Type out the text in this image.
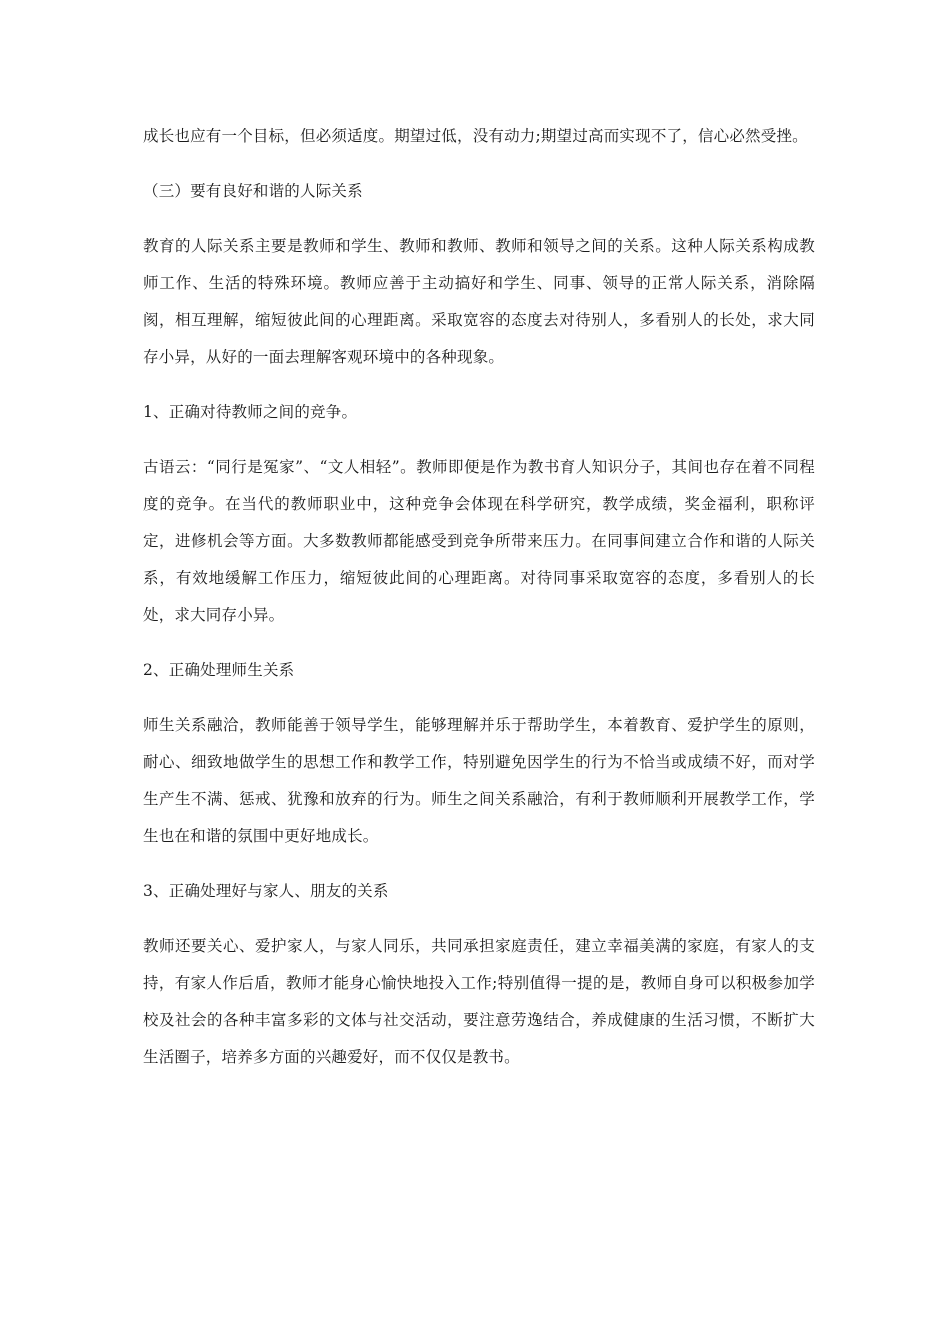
成长也应有一个目标，但必须适度。期望过低，没有动力;期望过高而实现不了，信心必然受挫。

（三）要有良好和谐的人际关系

教育的人际关系主要是教师和学生、教师和教师、教师和领导之间的关系。这种人际关系构成教师工作、生活的特殊环境。教师应善于主动搞好和学生、同事、领导的正常人际关系，消除隔阂，相互理解，缩短彼此间的心理距离。采取宽容的态度去对待别人，多看别人的长处，求大同存小异，从好的一面去理解客观环境中的各种现象。

1、正确对待教师之间的竞争。

古语云：“同行是冤家”、“文人相轻”。教师即便是作为教书育人知识分子，其间也存在着不同程度的竞争。在当代的教师职业中，这种竞争会体现在科学研究，教学成绩，奖金福利，职称评定，进修机会等方面。大多数教师都能感受到竞争所带来压力。在同事间建立合作和谐的人际关系，有效地缓解工作压力，缩短彼此间的心理距离。对待同事采取宽容的态度，多看别人的长处，求大同存小异。

2、正确处理师生关系

师生关系融洽，教师能善于领导学生，能够理解并乐于帮助学生，本着教育、爱护学生的原则，耐心、细致地做学生的思想工作和教学工作，特别避免因学生的行为不恰当或成绩不好，而对学生产生不满、惩戒、犹豫和放弃的行为。师生之间关系融洽，有利于教师顺利开展教学工作，学生也在和谐的氛围中更好地成长。

3、正确处理好与家人、朋友的关系

教师还要关心、爱护家人，与家人同乐，共同承担家庭责任，建立幸福美满的家庭，有家人的支持，有家人作后盾，教师才能身心愉快地投入工作;特别值得一提的是，教师自身可以积极参加学校及社会的各种丰富多彩的文体与社交活动，要注意劳逸结合，养成健康的生活习惯，不断扩大生活圈子，培养多方面的兴趣爱好，而不仅仅是教书。
